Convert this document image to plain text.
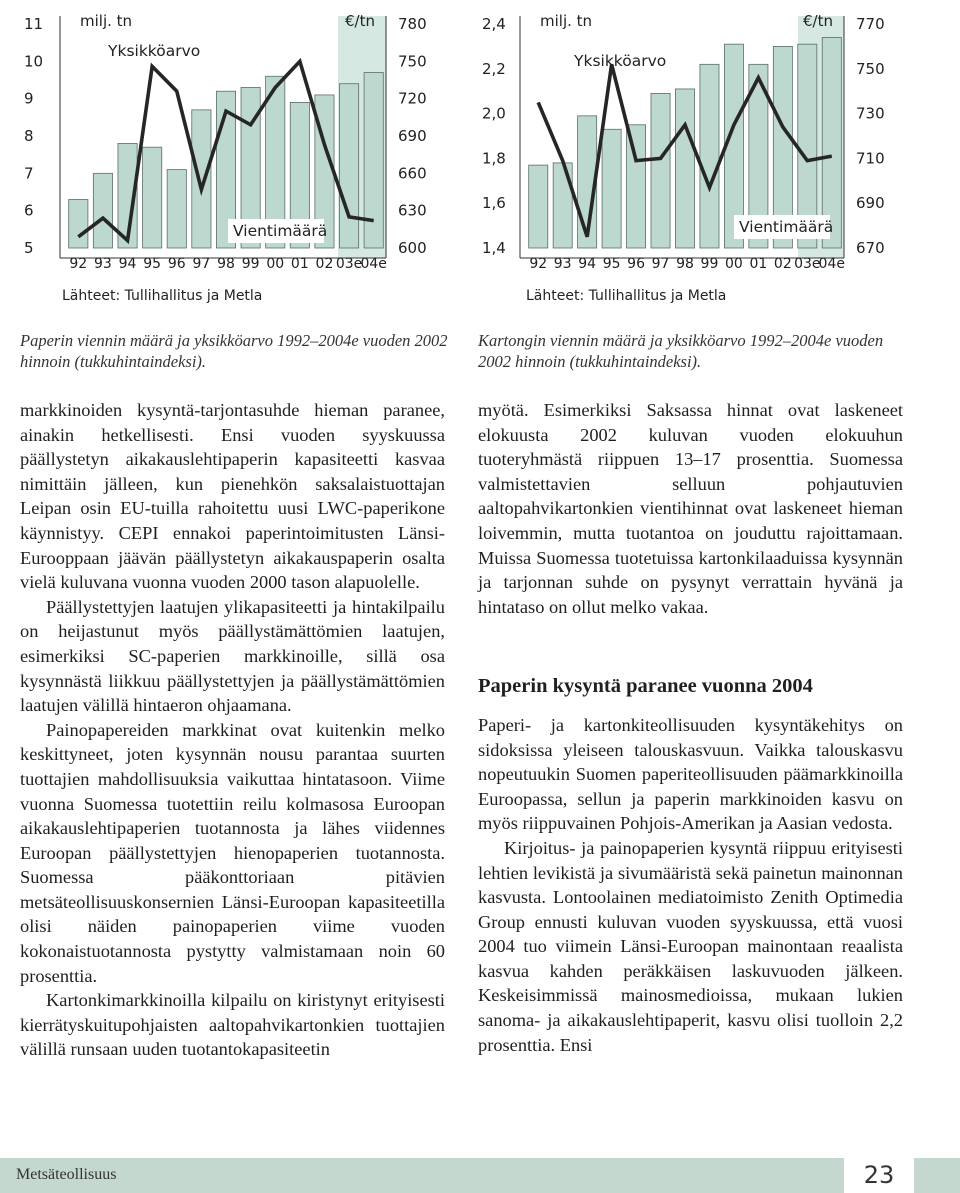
11
10
9
8
7
6
5
780
750
720
690
660
630
600
92 93 94 95 96 97 98 99 00 01 02 03e
04e
milj. tn	€/tn
Yksikköarvo
Vientimäärä
Lähteet: Tullihallitus ja Metla
2,4
2,2
2,0
1,8
1,6
1,4
770
750
730
710
690
670
92 93 94 95 96 97 98 99 00 01 02 03e
04e
milj. tn	€/tn
Yksikköarvo
Vientimäärä
Lähteet: Tullihallitus ja Metla

Paperin viennin määrä ja yksikköarvo 1992–2004e vuoden 2002 hinnoin (tukkuhintaindeksi).

Kartongin viennin määrä ja yksikköarvo 1992–2004e vuoden 2002 hinnoin (tukkuhintaindeksi).

markkinoiden kysyntä-tarjontasuhde hieman paranee, ainakin hetkellisesti. Ensi vuoden syyskuussa päällystetyn aikakauslehtipaperin kapasiteetti kasvaa nimittäin jälleen, kun pienehkön saksalaistuottajan Leipan osin EU-tuilla rahoitettu uusi LWC-paperikone käynnistyy. CEPI ennakoi paperintoimitusten Länsi-Eurooppaan jäävän päällystetyn aikakauspaperin osalta vielä kuluvana vuonna vuoden 2000 tason alapuolelle.

Päällystettyjen laatujen ylikapasiteetti ja hintakilpailu on heijastunut myös päällystämättömien laatujen, esimerkiksi SC-paperien markkinoille, sillä osa kysynnästä liikkuu päällystettyjen ja päällystämättömien laatujen välillä hintaeron ohjaamana.

Painopapereiden markkinat ovat kuitenkin melko keskittyneet, joten kysynnän nousu parantaa suurten tuottajien mahdollisuuksia vaikuttaa hintatasoon. Viime vuonna Suomessa tuotettiin reilu kolmasosa Euroopan aikakauslehtipaperien tuotannosta ja lähes viidennes Euroopan päällystettyjen hienopaperien tuotannosta. Suomessa pääkonttoriaan pitävien metsäteollisuuskonsernien Länsi-Euroopan kapasiteetilla olisi näiden painopaperien viime vuoden kokonaistuotannosta pystytty valmistamaan noin 60 prosenttia.

Kartonkimarkkinoilla kilpailu on kiristynyt erityisesti kierrätyskuitupohjaisten aaltopahvikartonkien tuottajien välillä runsaan uuden tuotantokapasiteetin

myötä. Esimerkiksi Saksassa hinnat ovat laskeneet elokuusta 2002 kuluvan vuoden elokuuhun tuoteryhmästä riippuen 13–17 prosenttia. Suomessa valmistettavien selluun pohjautuvien aaltopahvikartonkien vientihinnat ovat laskeneet hieman loivemmin, mutta tuotantoa on jouduttu rajoittamaan. Muissa Suomessa tuotetuissa kartonkilaaduissa kysynnän ja tarjonnan suhde on pysynyt verrattain hyvänä ja hintataso on ollut melko vakaa.

Paperin kysyntä paranee vuonna 2004

Paperi- ja kartonkiteollisuuden kysyntäkehitys on sidoksissa yleiseen talouskasvuun. Vaikka talouskasvu nopeutuukin Suomen paperiteollisuuden päämarkkinoilla Euroopassa, sellun ja paperin markkinoiden kasvu on myös riippuvainen Pohjois-Amerikan ja Aasian vedosta.

Kirjoitus- ja painopaperien kysyntä riippuu erityisesti lehtien levikistä ja sivumääristä sekä painetun mainonnan kasvusta. Lontoolainen mediatoimisto Zenith Optimedia Group ennusti kuluvan vuoden syyskuussa, että vuosi 2004 tuo viimein Länsi-Euroopan mainontaan reaalista kasvua kahden peräkkäisen laskuvuoden jälkeen. Keskeisimmissä mainosmedioissa, mukaan lukien sanoma- ja aikakauslehtipaperit, kasvu olisi tuolloin 2,2 prosenttia. Ensi

Metsäteollisuus	23
